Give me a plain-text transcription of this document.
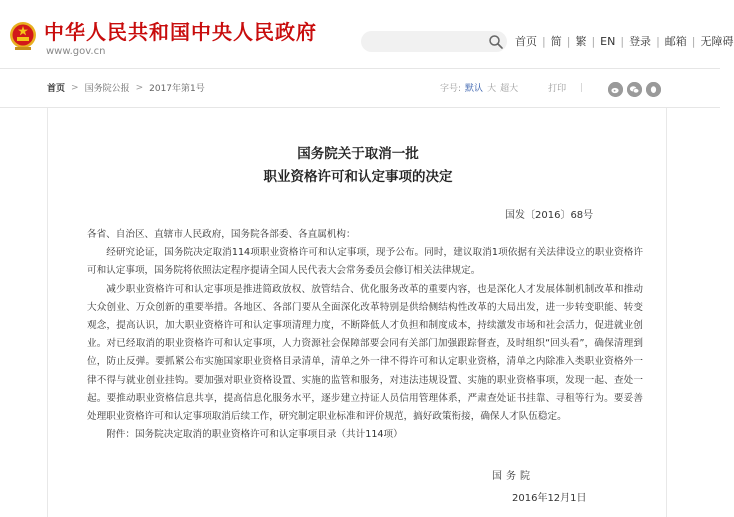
中华人民共和国中央人民政府
www.gov.cn
首页 | 简 | 繁 | EN | 登录 | 邮箱 | 无障碍
首页 > 国务院公报 > 2017年第1号	字号: 默认 大 超大	打印 |
国务院关于取消一批
职业资格许可和认定事项的决定
国发〔2016〕68号

各省、自治区、直辖市人民政府，国务院各部委、各直属机构：

经研究论证，国务院决定取消114项职业资格许可和认定事项，现予公布。同时，建议取消1项依据有关法律设立的职业资格许可和认定事项，国务院将依照法定程序提请全国人民代表大会常务委员会修订相关法律规定。

减少职业资格许可和认定事项是推进简政放权、放管结合、优化服务改革的重要内容，也是深化人才发展体制机制改革和推动大众创业、万众创新的重要举措。各地区、各部门要从全面深化改革特别是供给侧结构性改革的大局出发，进一步转变职能、转变观念，提高认识，加大职业资格许可和认定事项清理力度，不断降低人才负担和制度成本，持续激发市场和社会活力，促进就业创业。对已经取消的职业资格许可和认定事项，人力资源社会保障部要会同有关部门加强跟踪督查，及时组织“回头看”，确保清理到位，防止反弹。要抓紧公布实施国家职业资格目录清单，清单之外一律不得许可和认定职业资格，清单之内除准入类职业资格外一律不得与就业创业挂钩。要加强对职业资格设置、实施的监管和服务，对违法违规设置、实施的职业资格事项，发现一起、查处一起。要推动职业资格信息共享，提高信息化服务水平，逐步建立持证人员信用管理体系，严肃查处证书挂靠、寻租等行为。要妥善处理职业资格许可和认定事项取消后续工作，研究制定职业标准和评价规范，搞好政策衔接，确保人才队伍稳定。

附件：国务院决定取消的职业资格许可和认定事项目录（共计114项）

国务院
2016年12月1日
